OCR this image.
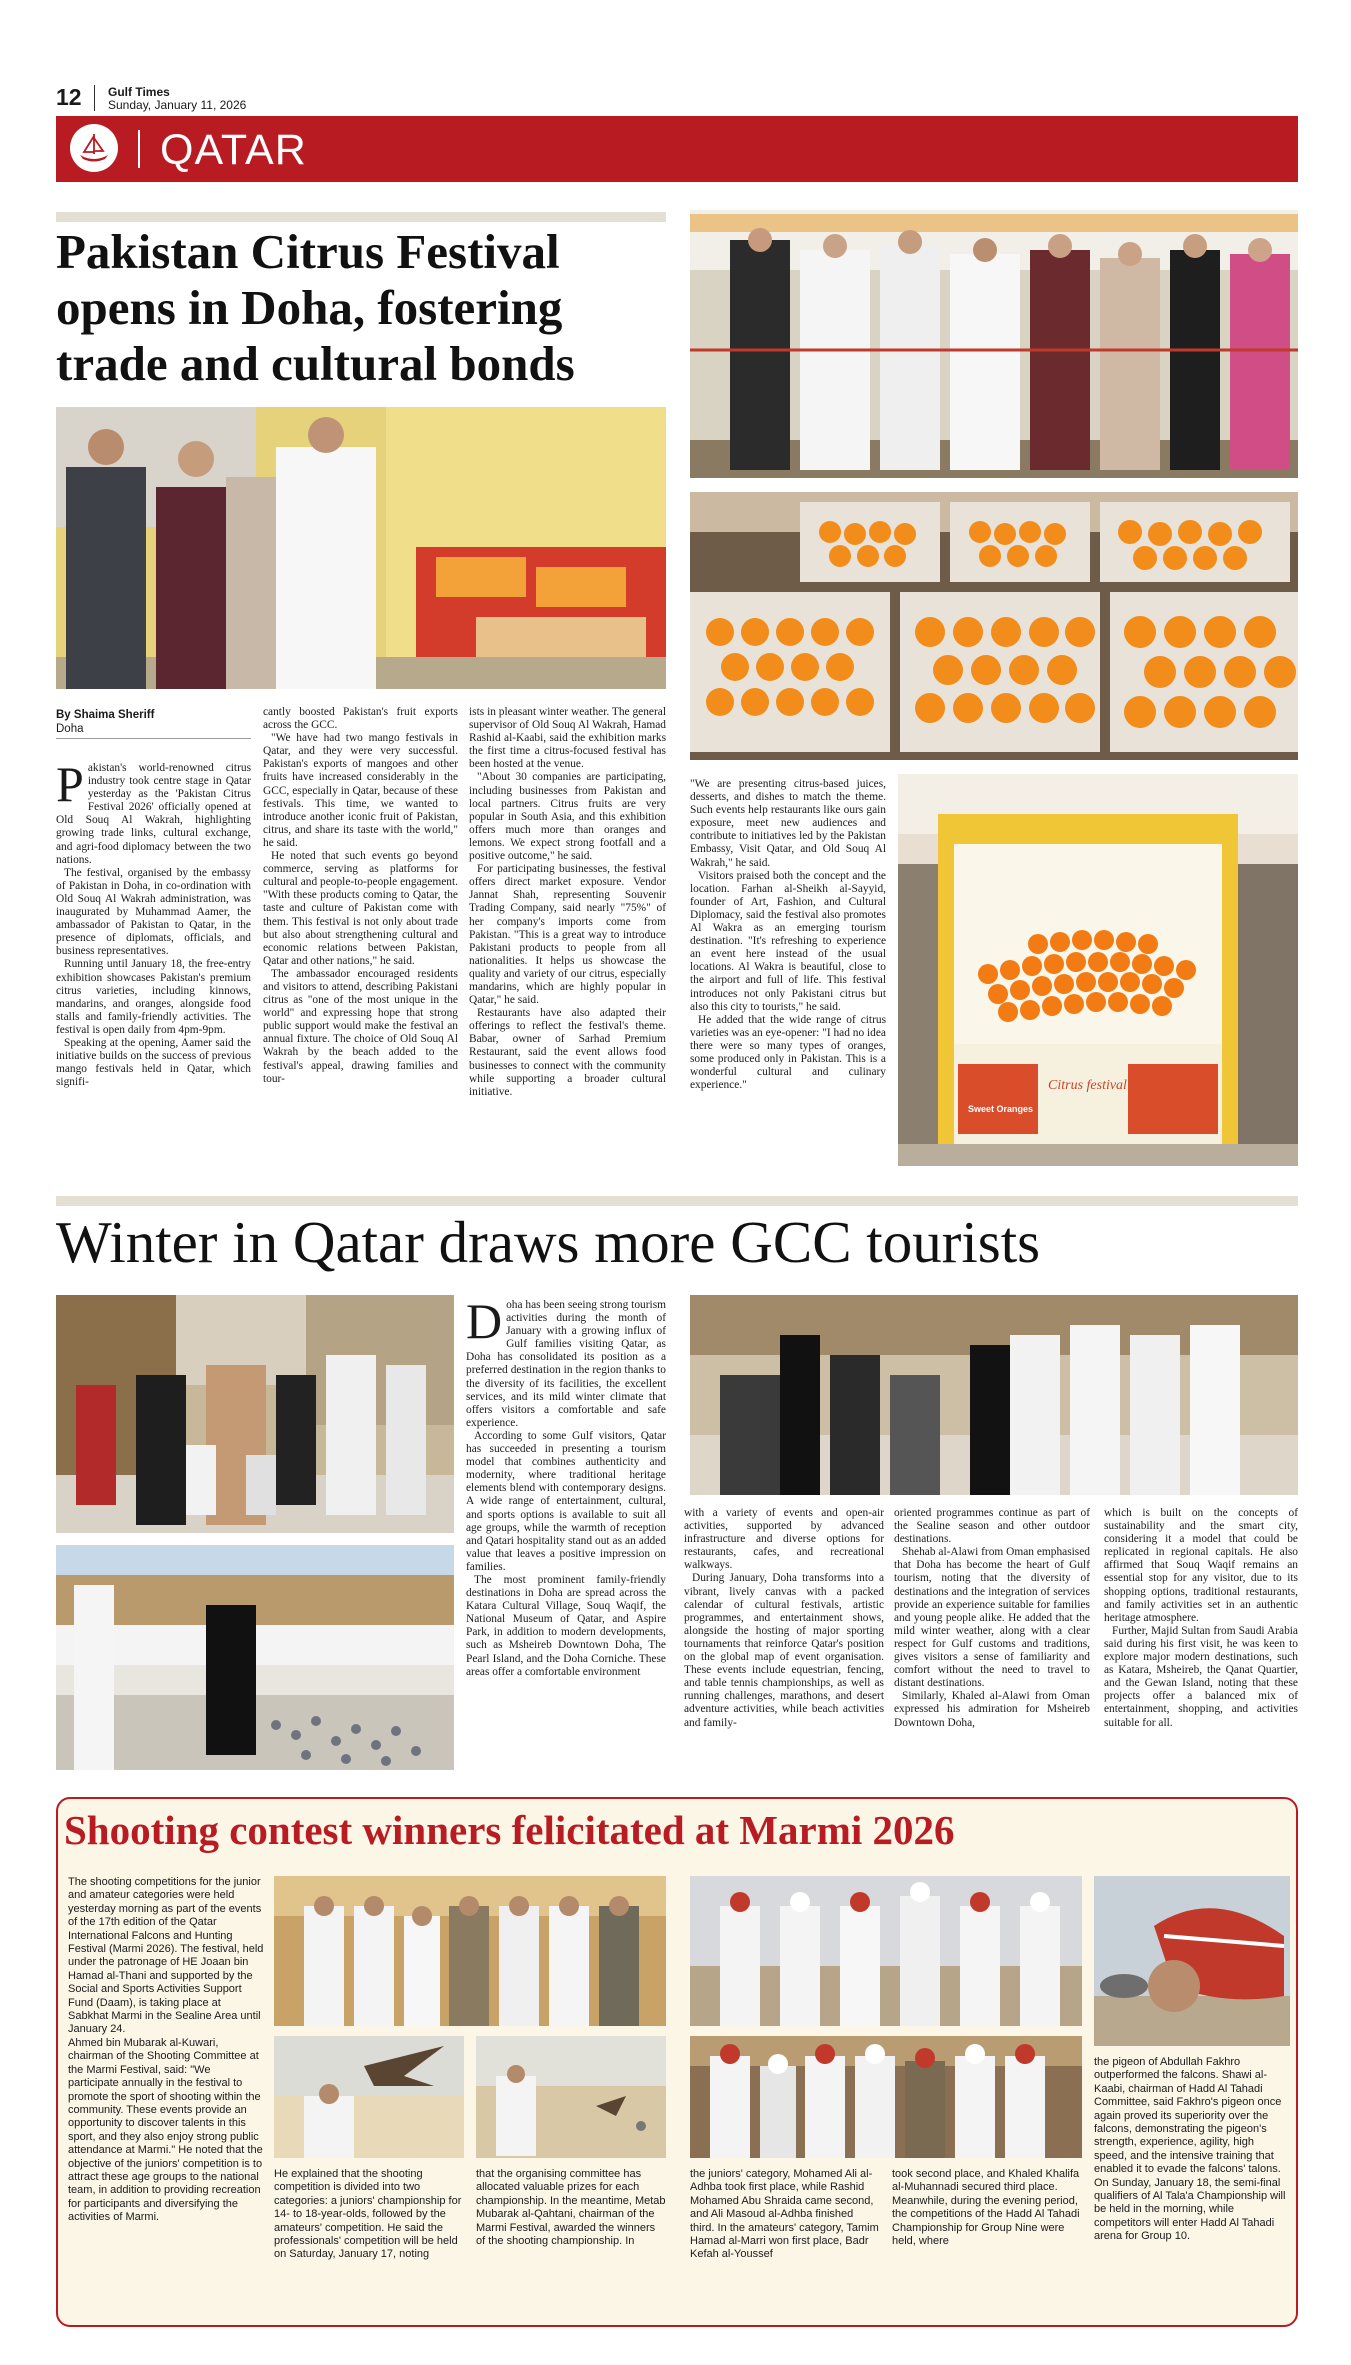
12 Gulf Times
Sunday, January 11, 2026
QATAR
Pakistan Citrus Festival opens in Doha, fostering trade and cultural bonds
By Shaima Sheriff
Doha

Pakistan's world-renowned citrus industry took centre stage in Qatar yesterday as the 'Pakistan Citrus Festival 2026' officially opened at Old Souq Al Wakrah, highlighting growing trade links, cultural exchange, and agri-food diplomacy between the two nations.

The festival, organised by the embassy of Pakistan in Doha, in co-ordination with Old Souq Al Wakrah administration, was inaugurated by Muhammad Aamer, the ambassador of Pakistan to Qatar, in the presence of diplomats, officials, and business representatives.

Running until January 18, the free-entry exhibition showcases Pakistan's premium citrus varieties, including kinnows, mandarins, and oranges, alongside food stalls and family-friendly activities. The festival is open daily from 4pm-9pm.

Speaking at the opening, Aamer said the initiative builds on the success of previous mango festivals held in Qatar, which signifi-

cantly boosted Pakistan's fruit exports across the GCC.

"We have had two mango festivals in Qatar, and they were very successful. Pakistan's exports of mangoes and other fruits have increased considerably in the GCC, especially in Qatar, because of these festivals. This time, we wanted to introduce another iconic fruit of Pakistan, citrus, and share its taste with the world," he said.

He noted that such events go beyond commerce, serving as platforms for cultural and people-to-people engagement. "With these products coming to Qatar, the taste and culture of Pakistan come with them. This festival is not only about trade but also about strengthening cultural and economic relations between Pakistan, Qatar and other nations," he said.

The ambassador encouraged residents and visitors to attend, describing Pakistani citrus as "one of the most unique in the world" and expressing hope that strong public support would make the festival an annual fixture. The choice of Old Souq Al Wakrah by the beach added to the festival's appeal, drawing families and tour-

ists in pleasant winter weather. The general supervisor of Old Souq Al Wakrah, Hamad Rashid al-Kaabi, said the exhibition marks the first time a citrus-focused festival has been hosted at the venue.

"About 30 companies are participating, including businesses from Pakistan and local partners. Citrus fruits are very popular in South Asia, and this exhibition offers much more than oranges and lemons. We expect strong footfall and a positive outcome," he said.

For participating businesses, the festival offers direct market exposure. Vendor Jannat Shah, representing Souvenir Trading Company, said nearly "75%" of her company's imports come from Pakistan. "This is a great way to introduce Pakistani products to people from all nationalities. It helps us showcase the quality and variety of our citrus, especially mandarins, which are highly popular in Qatar," he said.

Restaurants have also adapted their offerings to reflect the festival's theme. Babar, owner of Sarhad Premium Restaurant, said the event allows food businesses to connect with the community while supporting a broader cultural initiative.

"We are presenting citrus-based juices, desserts, and dishes to match the theme. Such events help restaurants like ours gain exposure, meet new audiences and contribute to initiatives led by the Pakistan Embassy, Visit Qatar, and Old Souq Al Wakrah," he said.

Visitors praised both the concept and the location. Farhan al-Sheikh al-Sayyid, founder of Art, Fashion, and Cultural Diplomacy, said the festival also promotes Al Wakra as an emerging tourism destination. "It's refreshing to experience an event here instead of the usual locations. Al Wakra is beautiful, close to the airport and full of life. This festival introduces not only Pakistani citrus but also this city to tourists," he said.

He added that the wide range of citrus varieties was an eye-opener: "I had no idea there were so many types of oranges, some produced only in Pakistan. This is a wonderful cultural and culinary experience."	Citrus festival
Sweet Oranges
Winter in Qatar draws more GCC tourists

Doha has been seeing strong tourism activities during the month of January with a growing influx of Gulf families visiting Qatar, as Doha has consolidated its position as a preferred destination in the region thanks to the diversity of its facilities, the excellent services, and its mild winter climate that offers visitors a comfortable and safe experience.

According to some Gulf visitors, Qatar has succeeded in presenting a tourism model that combines authenticity and modernity, where traditional heritage elements blend with contemporary designs. A wide range of entertainment, cultural, and sports options is available to suit all age groups, while the warmth of reception and Qatari hospitality stand out as an added value that leaves a positive impression on families.

The most prominent family-friendly destinations in Doha are spread across the Katara Cultural Village, Souq Waqif, the National Museum of Qatar, and Aspire Park, in addition to modern developments, such as Msheireb Downtown Doha, The Pearl Island, and the Doha Corniche. These areas offer a comfortable environment

with a variety of events and open-air activities, supported by advanced infrastructure and diverse options for restaurants, cafes, and recreational walkways.

During January, Doha transforms into a vibrant, lively canvas with a packed calendar of cultural festivals, artistic programmes, and entertainment shows, alongside the hosting of major sporting tournaments that reinforce Qatar's position on the global map of event organisation. These events include equestrian, fencing, and table tennis championships, as well as running challenges, marathons, and desert adventure activities, while beach activities and family-

oriented programmes continue as part of the Sealine season and other outdoor destinations.

Shehab al-Alawi from Oman emphasised that Doha has become the heart of Gulf tourism, noting that the diversity of destinations and the integration of services provide an experience suitable for families and young people alike. He added that the mild winter weather, along with a clear respect for Gulf customs and traditions, gives visitors a sense of familiarity and comfort without the need to travel to distant destinations.

Similarly, Khaled al-Alawi from Oman expressed his admiration for Msheireb Downtown Doha,

which is built on the concepts of sustainability and the smart city, considering it a model that could be replicated in regional capitals. He also affirmed that Souq Waqif remains an essential stop for any visitor, due to its shopping options, traditional restaurants, and family activities set in an authentic heritage atmosphere.

Further, Majid Sultan from Saudi Arabia said during his first visit, he was keen to explore major modern destinations, such as Katara, Msheireb, the Qanat Quartier, and the Gewan Island, noting that these projects offer a balanced mix of entertainment, shopping, and activities suitable for all.

Shooting contest winners felicitated at Marmi 2026

The shooting competitions for the junior and amateur categories were held yesterday morning as part of the events of the 17th edition of the Qatar International Falcons and Hunting Festival (Marmi 2026). The festival, held under the patronage of HE Joaan bin Hamad al-Thani and supported by the Social and Sports Activities Support Fund (Daam), is taking place at Sabkhat Marmi in the Sealine Area until January 24.

Ahmed bin Mubarak al-Kuwari, chairman of the Shooting Committee at the Marmi Festival, said: "We participate annually in the festival to promote the sport of shooting within the community. These events provide an opportunity to discover talents in this sport, and they also enjoy strong public attendance at Marmi." He noted that the objective of the juniors' competition is to attract these age groups to the national team, in addition to providing recreation for participants and diversifying the activities of Marmi.

He explained that the shooting competition is divided into two categories: a juniors' championship for 14- to 18-year-olds, followed by the amateurs' competition. He said the professionals' competition will be held on Saturday, January 17, noting

that the organising committee has allocated valuable prizes for each championship. In the meantime, Metab Mubarak al-Qahtani, chairman of the Marmi Festival, awarded the winners of the shooting championship. In

the juniors' category, Mohamed Ali al-Adhba took first place, while Rashid Mohamed Abu Shraida came second, and Ali Masoud al-Adhba finished third. In the amateurs' category, Tamim Hamad al-Marri won first place, Badr Kefah al-Youssef

took second place, and Khaled Khalifa al-Muhannadi secured third place. Meanwhile, during the evening period, the competitions of the Hadd Al Tahadi Championship for Group Nine were held, where

the pigeon of Abdullah Fakhro outperformed the falcons. Shawi al-Kaabi, chairman of Hadd Al Tahadi Committee, said Fakhro's pigeon once again proved its superiority over the falcons, demonstrating the pigeon's strength, experience, agility, high speed, and the intensive training that enabled it to evade the falcons' talons.

On Sunday, January 18, the semi-final qualifiers of Al Tala'a Championship will be held in the morning, while competitors will enter Hadd Al Tahadi arena for Group 10.
